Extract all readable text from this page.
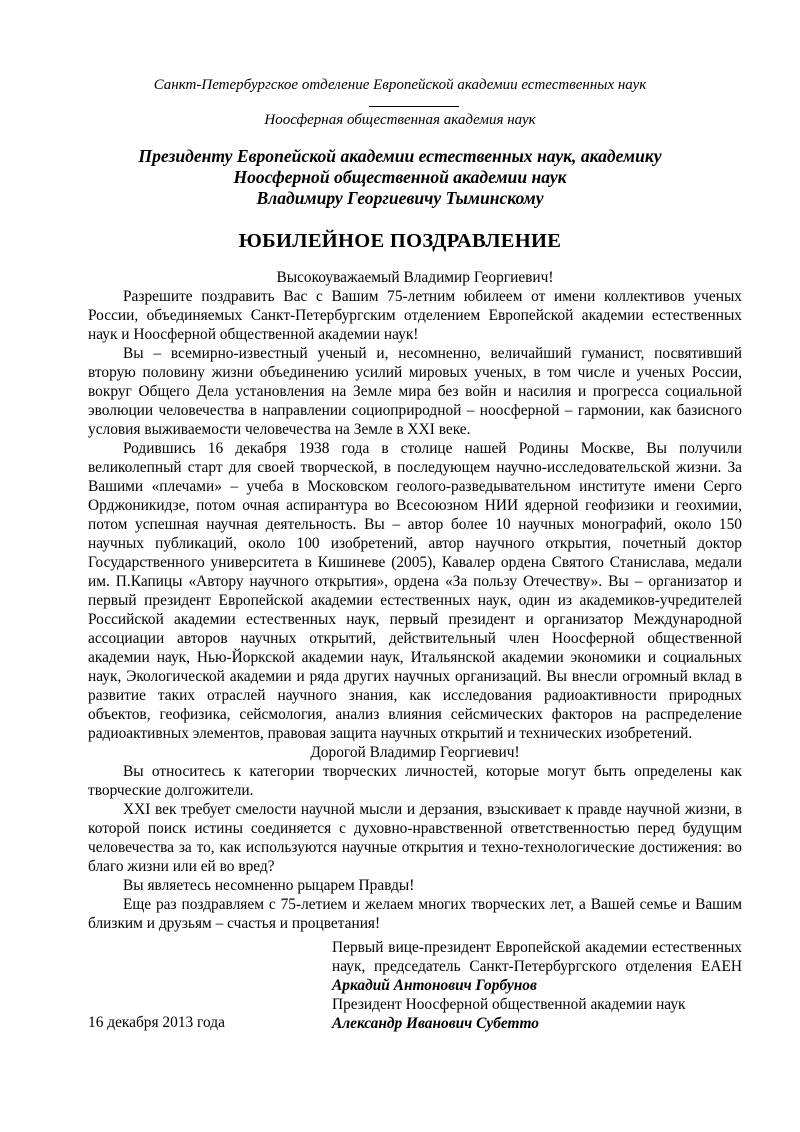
Санкт-Петербургское отделение Европейской академии естественных наук
Ноосферная общественная академия наук
Президенту Европейской академии естественных наук, академику
Ноосферной общественной академии наук
Владимиру Георгиевичу Тыминскому
ЮБИЛЕЙНОЕ ПОЗДРАВЛЕНИЕ

Высокоуважаемый Владимир Георгиевич!

Разрешите поздравить Вас с Вашим 75-летним юбилеем от имени коллективов ученых России, объединяемых Санкт-Петербургским отделением Европейской академии естественных наук и Ноосферной общественной академии наук!

Вы – всемирно-известный ученый и, несомненно, величайший гуманист, посвятивший вторую половину жизни объединению усилий мировых ученых, в том числе и ученых России, вокруг Общего Дела установления на Земле мира без войн и насилия и прогресса социальной эволюции человечества в направлении социоприродной – ноосферной – гармонии, как базисного условия выживаемости человечества на Земле в XXI веке.

Родившись 16 декабря 1938 года в столице нашей Родины Москве, Вы получили великолепный старт для своей творческой, в последующем научно-исследовательской жизни. За Вашими «плечами» – учеба в Московском геолого-разведывательном институте имени Серго Орджоникидзе, потом очная аспирантура во Всесоюзном НИИ ядерной геофизики и геохимии, потом успешная научная деятельность. Вы – автор более 10 научных монографий, около 150 научных публикаций, около 100 изобретений, автор научного открытия, почетный доктор Государственного университета в Кишиневе (2005), Кавалер ордена Святого Станислава, медали им. П.Капицы «Автору научного открытия», ордена «За пользу Отечеству». Вы – организатор и первый президент Европейской академии естественных наук, один из академиков-учредителей Российской академии естественных наук, первый президент и организатор Международной ассоциации авторов научных открытий, действительный член Ноосферной общественной академии наук, Нью-Йоркской академии наук, Итальянской академии экономики и социальных наук, Экологической академии и ряда других научных организаций. Вы внесли огромный вклад в развитие таких отраслей научного знания, как исследования радиоактивности природных объектов, геофизика, сейсмология, анализ влияния сейсмических факторов на распределение радиоактивных элементов, правовая защита научных открытий и технических изобретений.

Дорогой Владимир Георгиевич!

Вы относитесь к категории творческих личностей, которые могут быть определены как творческие долгожители.

XXI век требует смелости научной мысли и дерзания, взыскивает к правде научной жизни, в которой поиск истины соединяется с духовно-нравственной ответственностью перед будущим человечества за то, как используются научные открытия и техно-технологические достижения: во благо жизни или ей во вред?

Вы являетесь несомненно рыцарем Правды!

Еще раз поздравляем с 75-летием и желаем многих творческих лет, а Вашей семье и Вашим близким и друзьям – счастья и процветания!

Первый вице-президент Европейской академии естественных наук, председатель Санкт-Петербургского отделения ЕАЕН Аркадий Антонович Горбунов

Президент Ноосферной общественной академии наук
Александр Иванович Субетто

16 декабря 2013 года
